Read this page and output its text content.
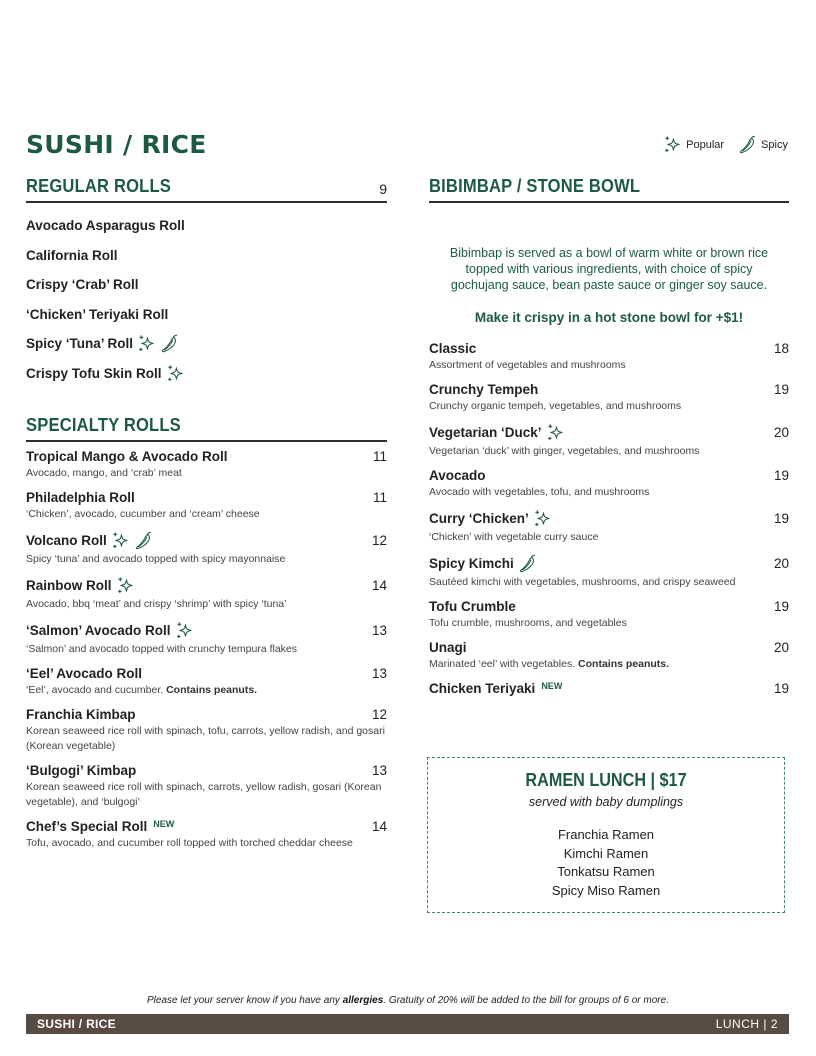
SUSHI / RICE	Popular	Spicy
REGULAR ROLLS	9
Avocado Asparagus Roll
California Roll
Crispy ‘Crab’ Roll
‘Chicken’ Teriyaki Roll
Spicy ‘Tuna’ Roll
Crispy Tofu Skin Roll
SPECIALTY ROLLS
Tropical Mango & Avocado Roll	11
Avocado, mango, and ‘crab’ meat
Philadelphia Roll	11
‘Chicken’, avocado, cucumber and ‘cream’ cheese
Volcano Roll	12
Spicy ‘tuna’ and avocado topped with spicy mayonnaise
Rainbow Roll	14
Avocado, bbq ‘meat’ and crispy ‘shrimp’ with spicy ‘tuna’
‘Salmon’ Avocado Roll	13
‘Salmon’ and avocado topped with crunchy tempura flakes
‘Eel’ Avocado Roll	13
‘Eel’, avocado and cucumber. Contains peanuts.
Franchia Kimbap	12
Korean seaweed rice roll with spinach, tofu, carrots, yellow radish, and gosari (Korean vegetable)
‘Bulgogi’ Kimbap	13
Korean seaweed rice roll with spinach, carrots, yellow radish, gosari (Korean vegetable), and ‘bulgogi’
Chef’s Special Roll NEW	14
Tofu, avocado, and cucumber roll topped with torched cheddar cheese
BIBIMBAP / STONE BOWL
Bibimbap is served as a bowl of warm white or brown rice topped with various ingredients, with choice of spicy gochujang sauce, bean paste sauce or ginger soy sauce.
Make it crispy in a hot stone bowl for +$1!
Classic	18
Assortment of vegetables and mushrooms
Crunchy Tempeh	19
Crunchy organic tempeh, vegetables, and mushrooms
Vegetarian ‘Duck’	20
Vegetarian ‘duck’ with ginger, vegetables, and mushrooms
Avocado	19
Avocado with vegetables, tofu, and mushrooms
Curry ‘Chicken’	19
‘Chicken’ with vegetable curry sauce
Spicy Kimchi	20
Sautéed kimchi with vegetables, mushrooms, and crispy seaweed
Tofu Crumble	19
Tofu crumble, mushrooms, and vegetables
Unagi	20
Marinated ‘eel’ with vegetables. Contains peanuts.
Chicken Teriyaki NEW	19
RAMEN LUNCH | $17
served with baby dumplings
Franchia Ramen
Kimchi Ramen
Tonkatsu Ramen
Spicy Miso Ramen
Please let your server know if you have any allergies. Gratuity of 20% will be added to the bill for groups of 6 or more.
SUSHI / RICE	LUNCH | 2
